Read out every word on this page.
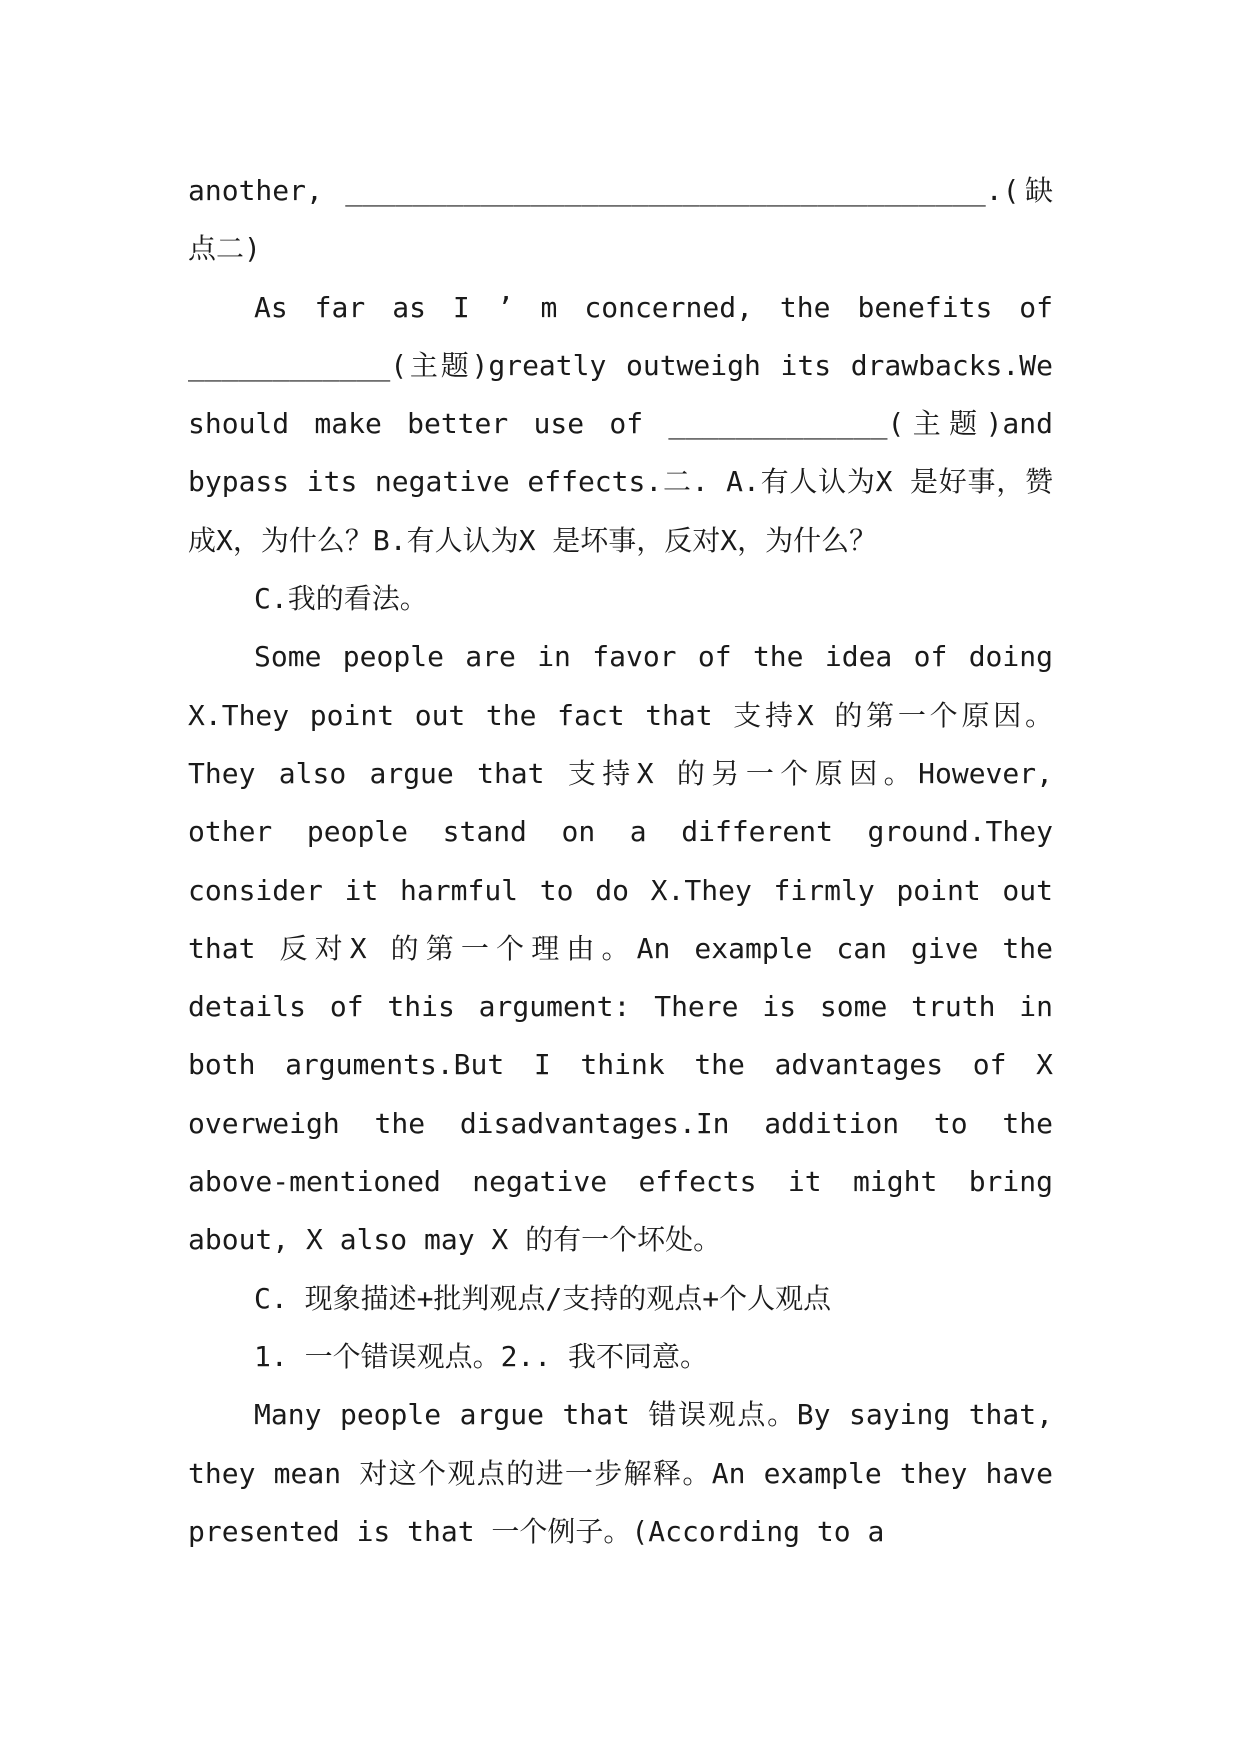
another, ______________________________________.(缺点二)

As far as I ’ m concerned, the benefits of ____________(主题)greatly outweigh its drawbacks.We should make better use of _____________(主题)and bypass its negative effects.二. A.有人认为X 是好事，赞成X，为什么？B.有人认为X 是坏事，反对X，为什么？

C.我的看法。

Some people are in favor of the idea of doing X.They point out the fact that 支持X 的第一个原因。They also argue that 支持X 的另一个原因。However, other people stand on a different ground.They consider it harmful to do X.They firmly point out that 反对X 的第一个理由。An example can give the details of this argument: There is some truth in both arguments.But I think the advantages of X overweigh the disadvantages.In addition to the above-mentioned negative effects it might bring about, X also may X 的有一个坏处。

C. 现象描述+批判观点/支持的观点+个人观点

1. 一个错误观点。2.. 我不同意。

Many people argue that 错误观点。By saying that, they mean 对这个观点的进一步解释。An example they have presented is that 一个例子。(According to a
